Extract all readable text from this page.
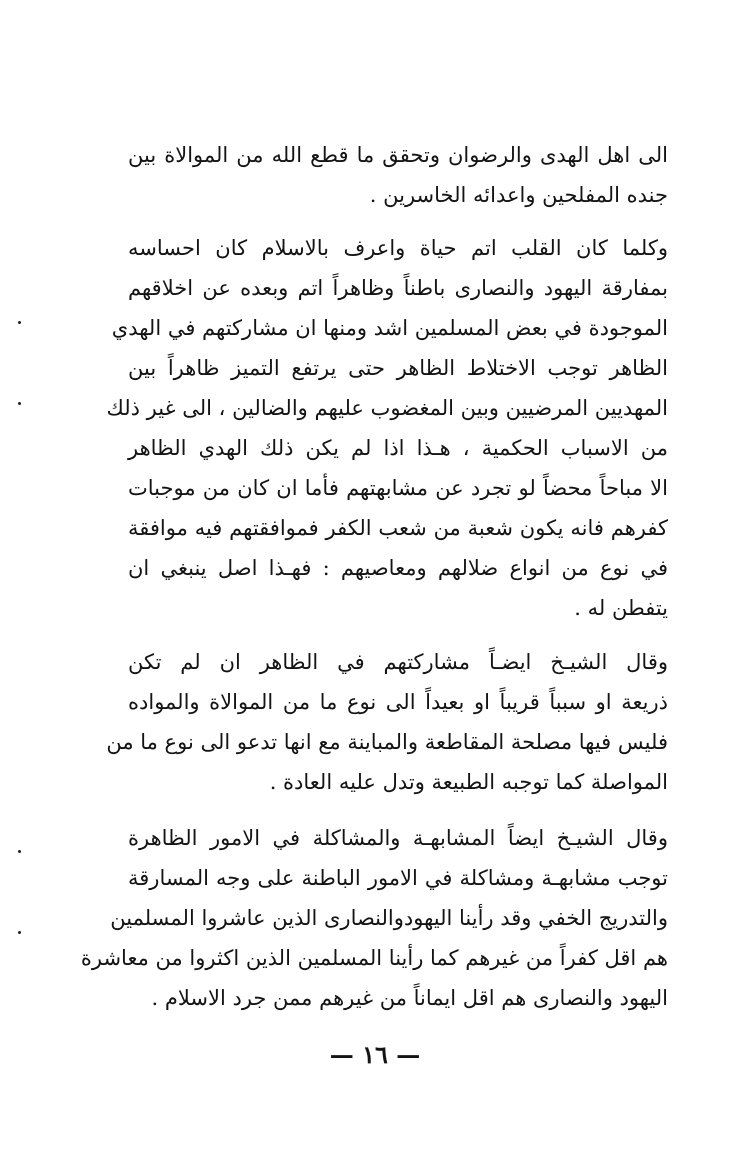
الى اهل الهدى والرضوان وتحقق ما قطع الله من الموالاة بين
جنده المفلحين واعدائه الخاسرين .
وكلما كان القلب اتم حياة واعرف بالاسلام كان احساسه
بمفارقة اليهود والنصارى باطناً وظاهراً اتم وبعده عن اخلاقهم
الموجودة في بعض المسلمين اشد ومنها ان مشاركتهم في الهدي
الظاهر توجب الاختلاط الظاهر حتى يرتفع التميز ظاهراً بين
المهديين المرضيين وبين المغضوب عليهم والضالين ، الى غير ذلك
من الاسباب الحكمية ، هـذا اذا لم يكن ذلك الهدي الظاهر
الا مباحاً محضاً لو تجرد عن مشابهتهم فأما ان كان من موجبات
كفرهم فانه يكون شعبة من شعب الكفر فموافقتهم فيه موافقة
في نوع من انواع ضلالهم ومعاصيهم : فهـذا اصل ينبغي ان
يتفطن له .
وقال الشيـخ ايضـاً مشاركتهم في الظاهر ان لم تكن
ذريعة او سبباً قريباً او بعيداً الى نوع ما من الموالاة والمواده
فليس فيها مصلحة المقاطعة والمباينة مع انها تدعو الى نوع ما من
المواصلة كما توجبه الطبيعة وتدل عليه العادة .
وقال الشيـخ ايضاً المشابهـة والمشاكلة في الامور الظاهرة
توجب مشابهـة ومشاكلة في الامور الباطنة على وجه المسارقة
والتدريج الخفي وقد رأينا اليهودوالنصارى الذين عاشروا المسلمين
هم اقل كفراً من غيرهم كما رأينا المسلمين الذين اكثروا من معاشرة
اليهود والنصارى هم اقل ايماناً من غيرهم ممن جرد الاسلام .
— ١٦ —
